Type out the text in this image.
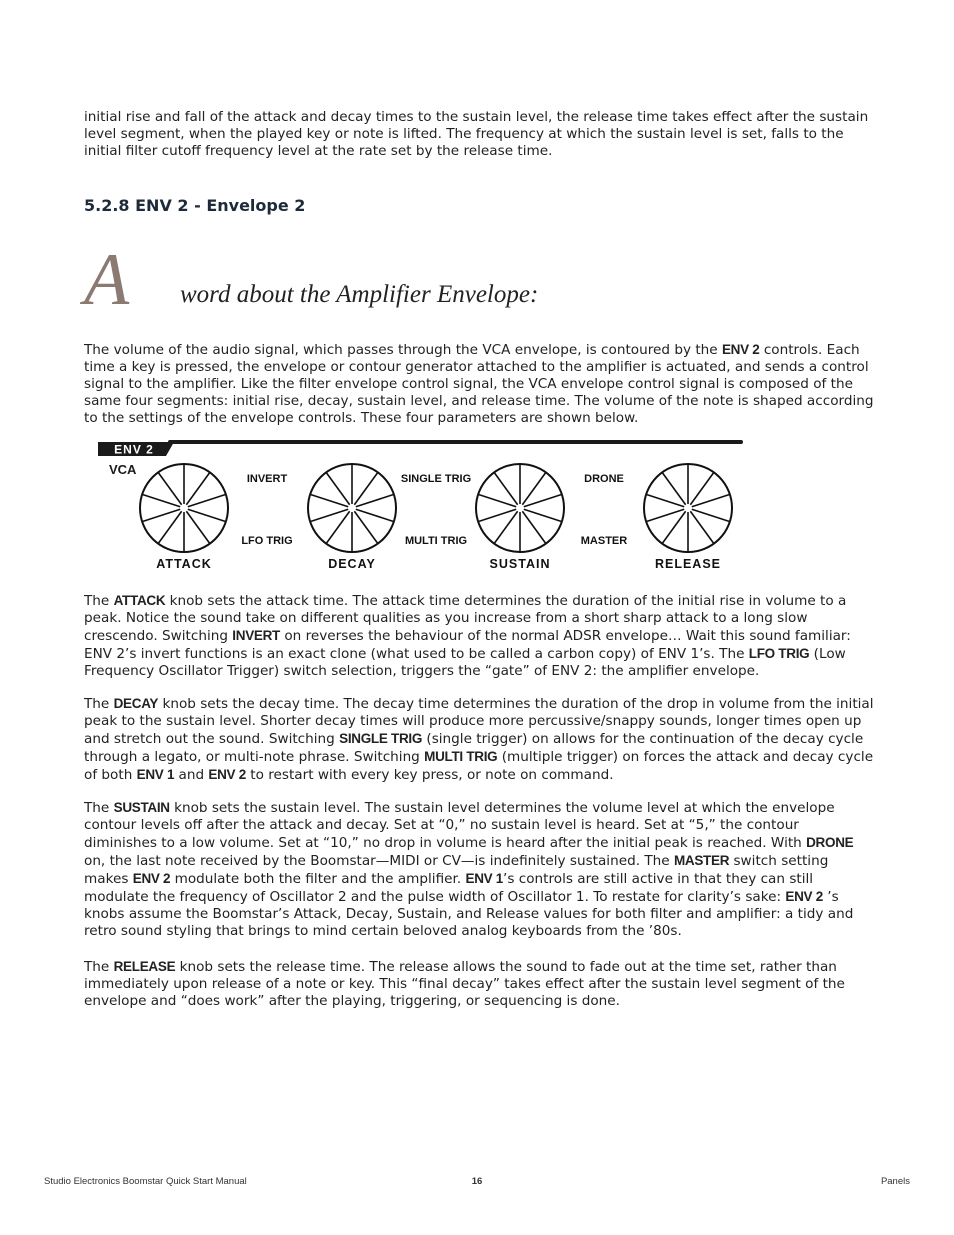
initial rise and fall of the attack and decay times to the sustain level, the release time takes effect after the sustain level segment, when the played key or note is lifted. The frequency at which the sustain level is set, falls to the initial filter cutoff frequency level at the rate set by the release time.

5.2.8 ENV 2 - Envelope 2
A word about the Amplifier Envelope:

The volume of the audio signal, which passes through the VCA envelope, is contoured by the ENV 2 controls. Each time a key is pressed, the envelope or contour generator attached to the amplifier is actuated, and sends a control signal to the amplifier. Like the filter envelope control signal, the VCA envelope control signal is composed of the same four segments: initial rise, decay, sustain level, and release time. The volume of the note is shaped according to the settings of the envelope controls. These four parameters are shown below.

ENV 2
VCA
ATTACK	DECAY	SUSTAIN	RELEASE
INVERT
LFO TRIG
SINGLE TRIG
MULTI TRIG
DRONE
MASTER

The ATTACK knob sets the attack time. The attack time determines the duration of the initial rise in volume to a peak. Notice the sound take on different qualities as you increase from a short sharp attack to a long slow crescendo. Switching INVERT on reverses the behaviour of the normal ADSR envelope… Wait this sound familiar: ENV 2’s invert functions is an exact clone (what used to be called a carbon copy) of ENV 1’s. The LFO TRIG (Low Frequency Oscillator Trigger) switch selection, triggers the “gate” of ENV 2: the amplifier envelope.

The DECAY knob sets the decay time. The decay time determines the duration of the drop in volume from the initial peak to the sustain level. Shorter decay times will produce more percussive/snappy sounds, longer times open up and stretch out the sound. Switching SINGLE TRIG (single trigger) on allows for the continuation of the decay cycle through a legato, or multi-note phrase. Switching MULTI TRIG (multiple trigger) on forces the attack and decay cycle of both ENV 1 and ENV 2 to restart with every key press, or note on command.

The SUSTAIN knob sets the sustain level. The sustain level determines the volume level at which the envelope contour levels off after the attack and decay. Set at “0,” no sustain level is heard. Set at “5,” the contour diminishes to a low volume. Set at “10,” no drop in volume is heard after the initial peak is reached. With DRONE on, the last note received by the Boomstar—MIDI or CV—is indefinitely sustained. The MASTER switch setting makes ENV 2 modulate both the filter and the amplifier. ENV 1’s controls are still active in that they can still modulate the frequency of Oscillator 2 and the pulse width of Oscillator 1. To restate for clarity’s sake: ENV 2 ’s knobs assume the Boomstar’s Attack, Decay, Sustain, and Release values for both filter and amplifier: a tidy and retro sound styling that brings to mind certain beloved analog keyboards from the ’80s.

The RELEASE knob sets the release time. The release allows the sound to fade out at the time set, rather than immediately upon release of a note or key. This “final decay” takes effect after the sustain level segment of the envelope and “does work” after the playing, triggering, or sequencing is done.

Studio Electronics Boomstar Quick Start Manual	16	Panels
